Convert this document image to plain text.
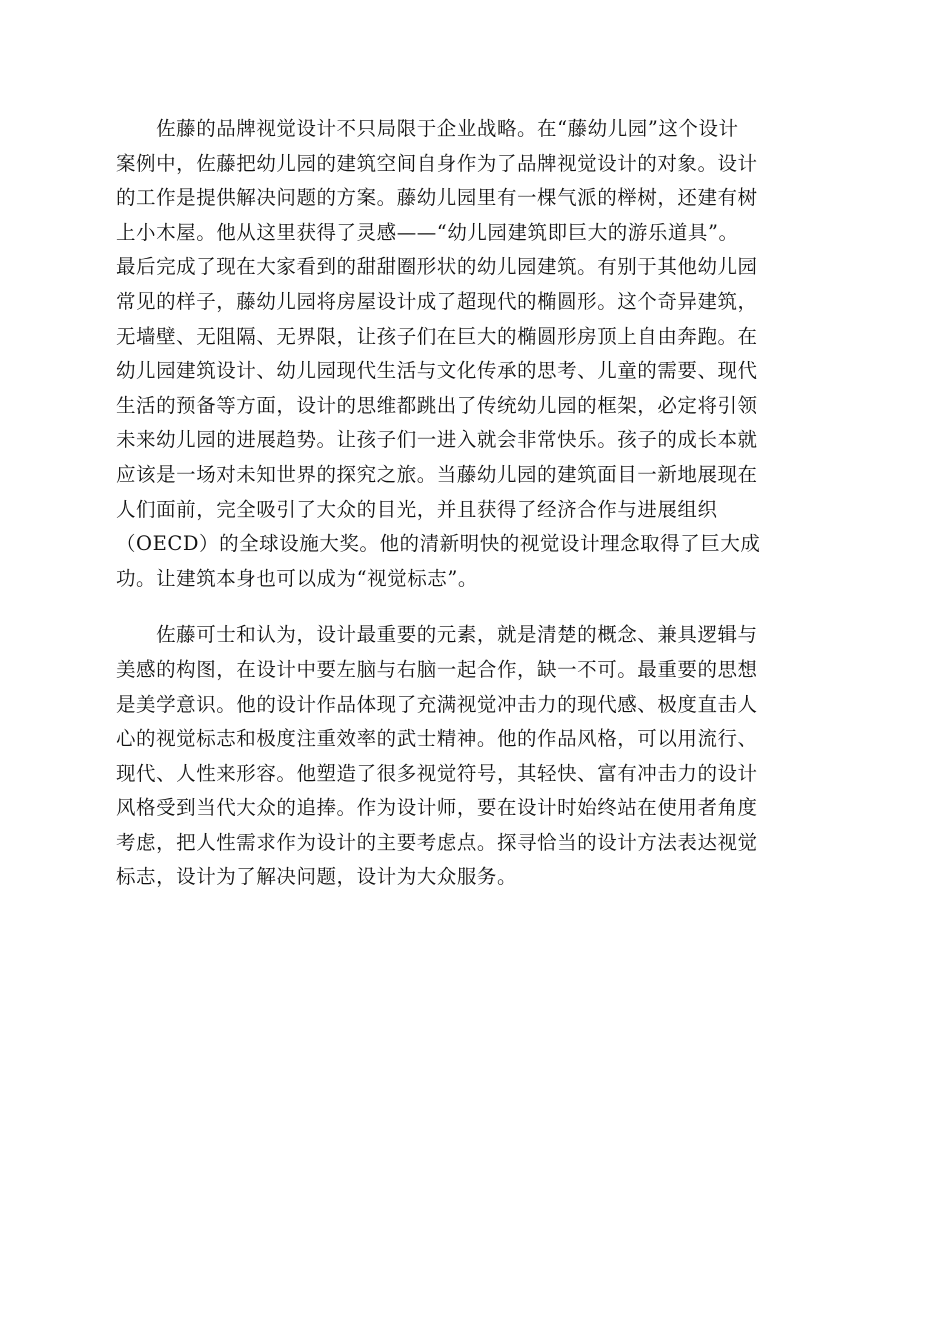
　　佐藤的品牌视觉设计不只局限于企业战略。在“藤幼儿园”这个设计
案例中，佐藤把幼儿园的建筑空间自身作为了品牌视觉设计的对象。设计
的工作是提供解决问题的方案。藤幼儿园里有一棵气派的榉树，还建有树
上小木屋。他从这里获得了灵感——“幼儿园建筑即巨大的游乐道具”。
最后完成了现在大家看到的甜甜圈形状的幼儿园建筑。有别于其他幼儿园
常见的样子，藤幼儿园将房屋设计成了超现代的椭圆形。这个奇异建筑，
无墙壁、无阻隔、无界限，让孩子们在巨大的椭圆形房顶上自由奔跑。在
幼儿园建筑设计、幼儿园现代生活与文化传承的思考、儿童的需要、现代
生活的预备等方面，设计的思维都跳出了传统幼儿园的框架，必定将引领
未来幼儿园的进展趋势。让孩子们一进入就会非常快乐。孩子的成长本就
应该是一场对未知世界的探究之旅。当藤幼儿园的建筑面目一新地展现在
人们面前，完全吸引了大众的目光，并且获得了经济合作与进展组织
（OECD）的全球设施大奖。他的清新明快的视觉设计理念取得了巨大成
功。让建筑本身也可以成为“视觉标志”。
　　佐藤可士和认为，设计最重要的元素，就是清楚的概念、兼具逻辑与
美感的构图，在设计中要左脑与右脑一起合作，缺一不可。最重要的思想
是美学意识。他的设计作品体现了充满视觉冲击力的现代感、极度直击人
心的视觉标志和极度注重效率的武士精神。他的作品风格，可以用流行、
现代、人性来形容。他塑造了很多视觉符号，其轻快、富有冲击力的设计
风格受到当代大众的追捧。作为设计师，要在设计时始终站在使用者角度
考虑，把人性需求作为设计的主要考虑点。探寻恰当的设计方法表达视觉
标志，设计为了解决问题，设计为大众服务。
